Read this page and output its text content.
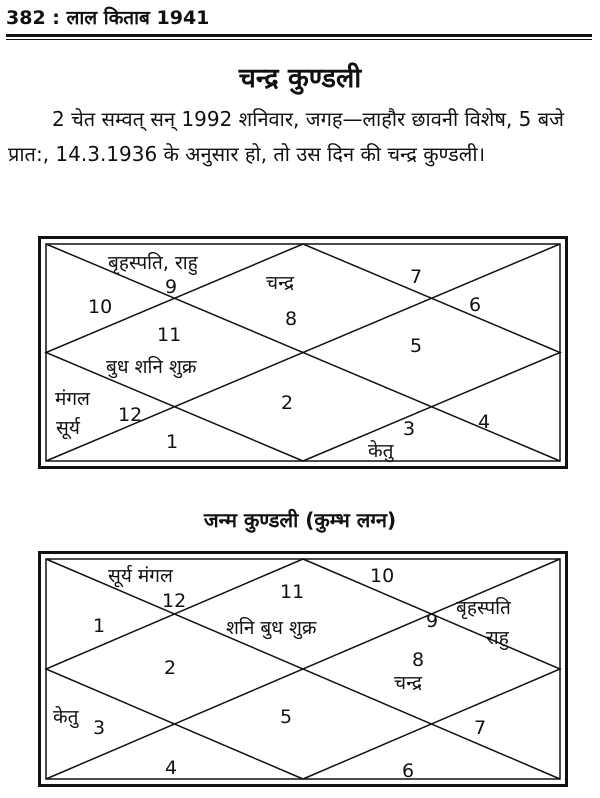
382 : लाल किताब 1941
चन्द्र कुण्डली
2 चेत सम्वत् सन् 1992 शनिवार, जगह—लाहौर छावनी विशेष, 5 बजे प्रात:, 14.3.1936 के अनुसार हो, तो उस दिन की चन्द्र कुण्डली।
बृहस्पति, राहु
9	चन्द्र
8
7
10	6
11	5
बुध शनि शुक्र
मंगल
सूर्य
12
2
1
3	4
केतु
जन्म कुण्डली (कुम्भ लग्न)
सूर्य मंगल
12	11
10
1	शनि बुध शुक्र	9
बृहस्पति
राहु
2	8
चन्द्र
5
केतु 3	7
4	6
